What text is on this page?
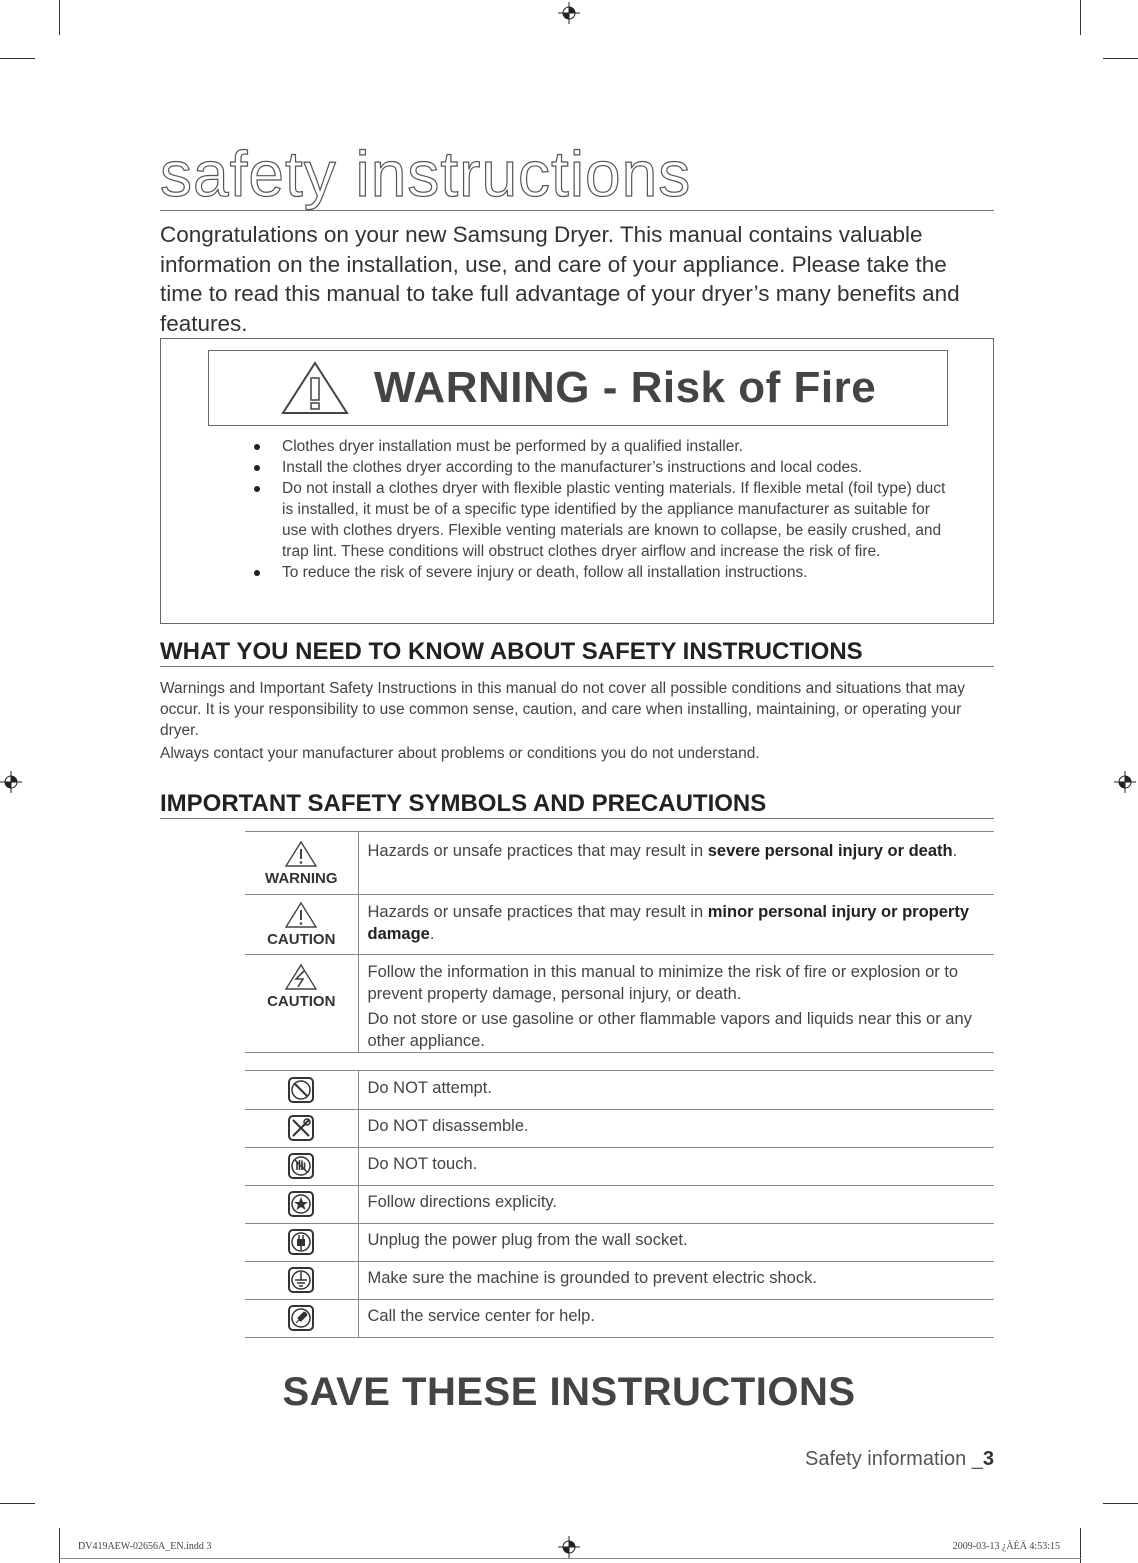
safety instructions

Congratulations on your new Samsung Dryer. This manual contains valuable information on the installation, use, and care of your appliance. Please take the time to read this manual to take full advantage of your dryer’s many benefits and features.

WARNING - Risk of Fire
Clothes dryer installation must be performed by a qualified installer.
Install the clothes dryer according to the manufacturer’s instructions and local codes.
Do not install a clothes dryer with flexible plastic venting materials. If flexible metal (foil type) duct is installed, it must be of a specific type identified by the appliance manufacturer as suitable for use with clothes dryers. Flexible venting materials are known to collapse, be easily crushed, and trap lint. These conditions will obstruct clothes dryer airflow and increase the risk of fire.
To reduce the risk of severe injury or death, follow all installation instructions.
WHAT YOU NEED TO KNOW ABOUT SAFETY INSTRUCTIONS

Warnings and Important Safety Instructions in this manual do not cover all possible conditions and situations that may occur. It is your responsibility to use common sense, caution, and care when installing, maintaining, or operating your dryer.

Always contact your manufacturer about problems or conditions you do not understand.

IMPORTANT SAFETY SYMBOLS AND PRECAUTIONS
WARNING	Hazards or unsafe practices that may result in severe personal injury or death.

CAUTION	Hazards or unsafe practices that may result in minor personal injury or property damage.

CAUTION	Follow the information in this manual to minimize the risk of fire or explosion or to prevent property damage, personal injury, or death.
Do not store or use gasoline or other flammable vapors and liquids near this or any other appliance.
	Do NOT attempt.
	Do NOT disassemble.
	Do NOT touch.
	Follow directions explicity.
	Unplug the power plug from the wall socket.
	Make sure the machine is grounded to prevent electric shock.
	Call the service center for help.
SAVE THESE INSTRUCTIONS
Safety information _3
DV419AEW-02656A_EN.indd 3	2009-03-13 ¿ÀÈÄ 4:53:15
